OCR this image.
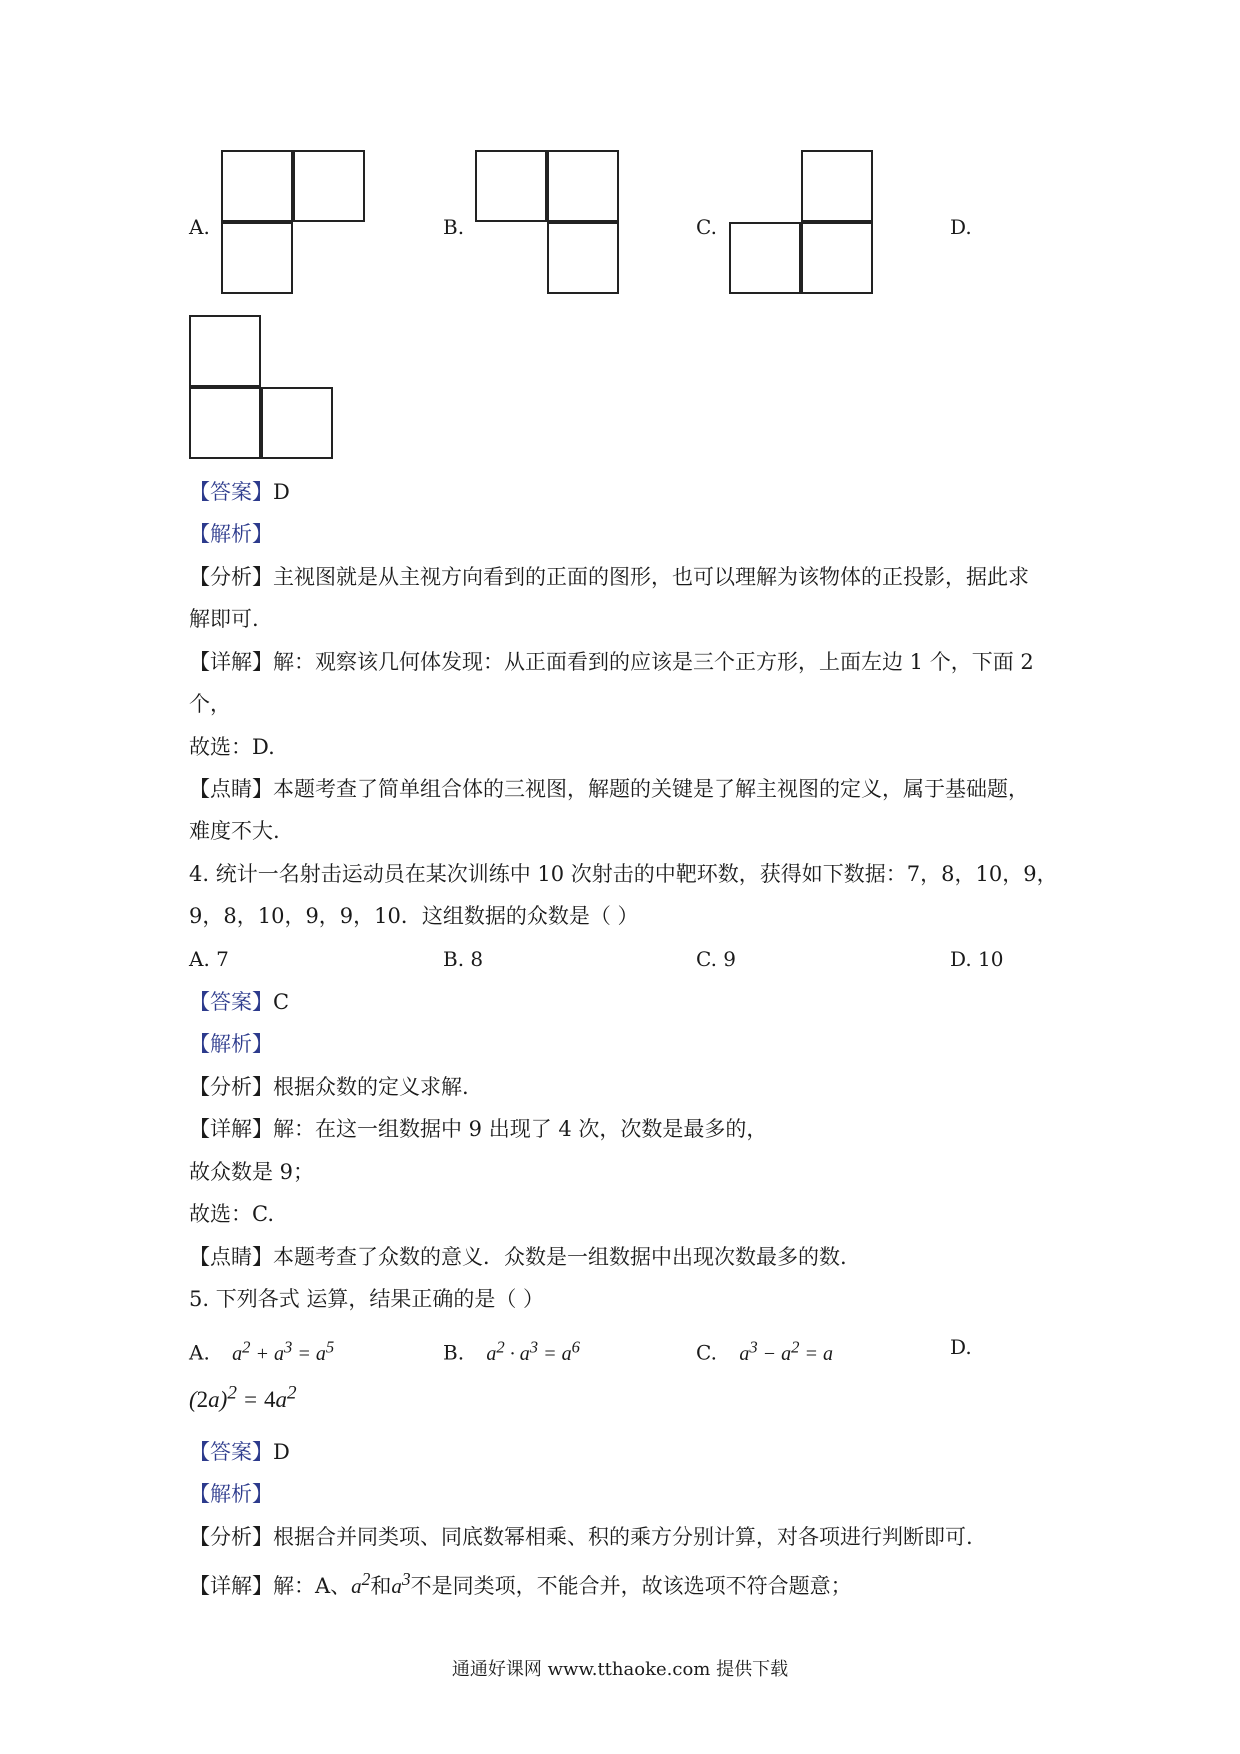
A.	B.	C.	D.
【答案】D
【解析】
【分析】主视图就是从主视方向看到的正面的图形，也可以理解为该物体的正投影，据此求
解即可.
【详解】解：观察该几何体发现：从正面看到的应该是三个正方形，上面左边 1 个，下面 2
个，
故选：D.
【点睛】本题考查了简单组合体的三视图，解题的关键是了解主视图的定义，属于基础题，
难度不大.
4. 统计一名射击运动员在某次训练中 10 次射击的中靶环数，获得如下数据：7，8，10，9，
9，8，10，9，9，10．这组数据的众数是（ ）
A. 7	B. 8	C. 9	D. 10
【答案】C
【解析】
【分析】根据众数的定义求解.
【详解】解：在这一组数据中 9 出现了 4 次，次数是最多的，
故众数是 9；
故选：C.
【点睛】本题考查了众数的意义．众数是一组数据中出现次数最多的数.
5. 下列各式 运算，结果正确的是（ ）
A. $a^2 + a^3 = a^5$	B. $a^2 \cdot a^3 = a^6$	C. $a^3 - a^2 = a$	D.
$(2a)^2 = 4a^2$
【答案】D
【解析】
【分析】根据合并同类项、同底数幂相乘、积的乘方分别计算，对各项进行判断即可.
【详解】解：A、$a^2$和$a^3$不是同类项，不能合并，故该选项不符合题意；
通通好课网 www.tthaoke.com 提供下载
